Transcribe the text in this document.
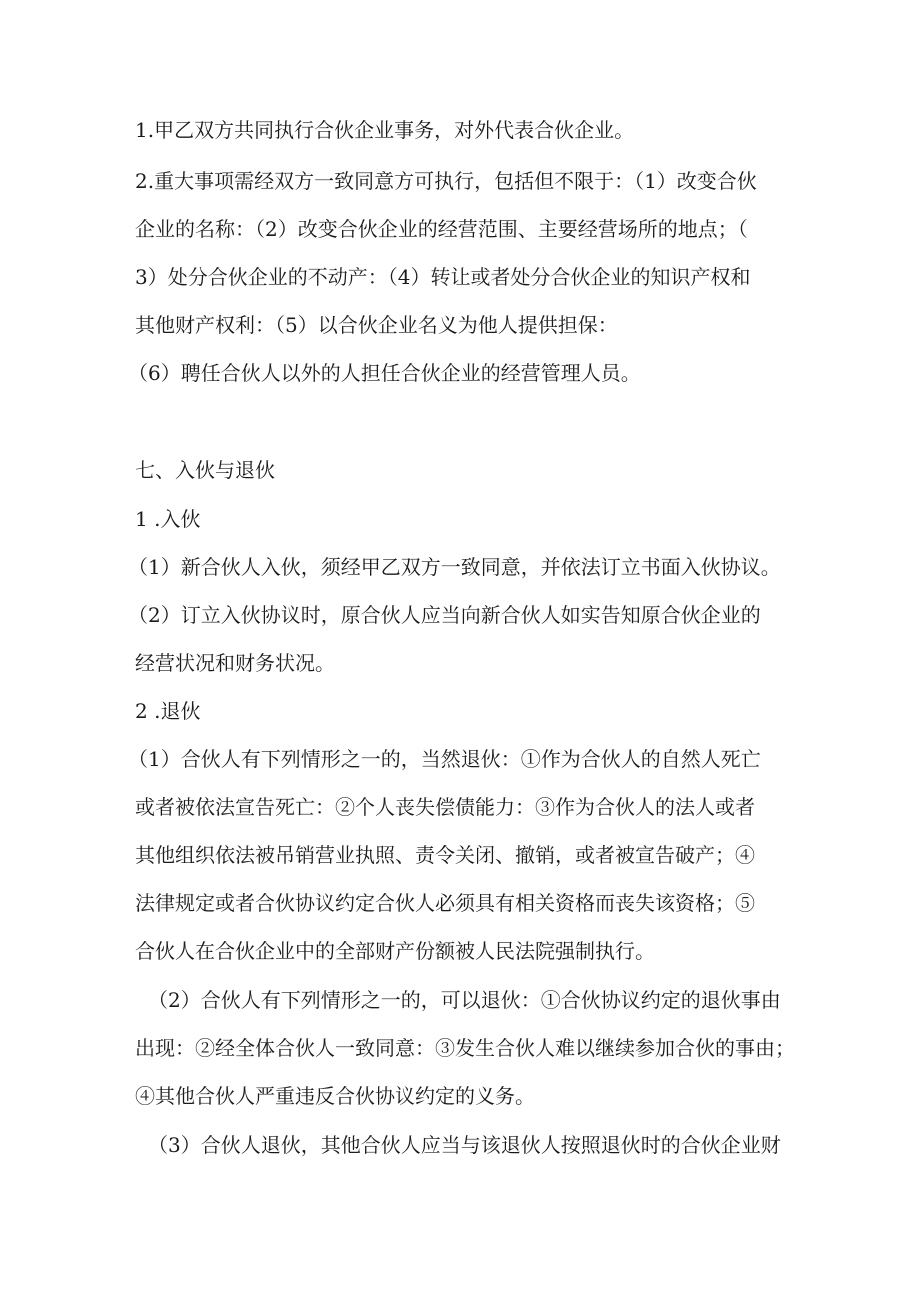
1.甲乙双方共同执行合伙企业事务，对外代表合伙企业。
2.重大事项需经双方一致同意方可执行，包括但不限于：（1）改变合伙
企业的名称：（2）改变合伙企业的经营范围、主要经营场所的地点；（
3）处分合伙企业的不动产：（4）转让或者处分合伙企业的知识产权和
其他财产权利：（5）以合伙企业名义为他人提供担保：
（6）聘任合伙人以外的人担任合伙企业的经营管理人员。
七、入伙与退伙
1 .入伙
（1）新合伙人入伙，须经甲乙双方一致同意，并依法订立书面入伙协议。
（2）订立入伙协议时，原合伙人应当向新合伙人如实告知原合伙企业的
经营状况和财务状况。
2 .退伙
（1）合伙人有下列情形之一的，当然退伙：①作为合伙人的自然人死亡
或者被依法宣告死亡：②个人丧失偿债能力：③作为合伙人的法人或者
其他组织依法被吊销营业执照、责令关闭、撤销，或者被宣告破产；④
法律规定或者合伙协议约定合伙人必须具有相关资格而丧失该资格；⑤
合伙人在合伙企业中的全部财产份额被人民法院强制执行。
（2）合伙人有下列情形之一的，可以退伙：①合伙协议约定的退伙事由
出现：②经全体合伙人一致同意：③发生合伙人难以继续参加合伙的事由；
④其他合伙人严重违反合伙协议约定的义务。
（3）合伙人退伙，其他合伙人应当与该退伙人按照退伙时的合伙企业财
